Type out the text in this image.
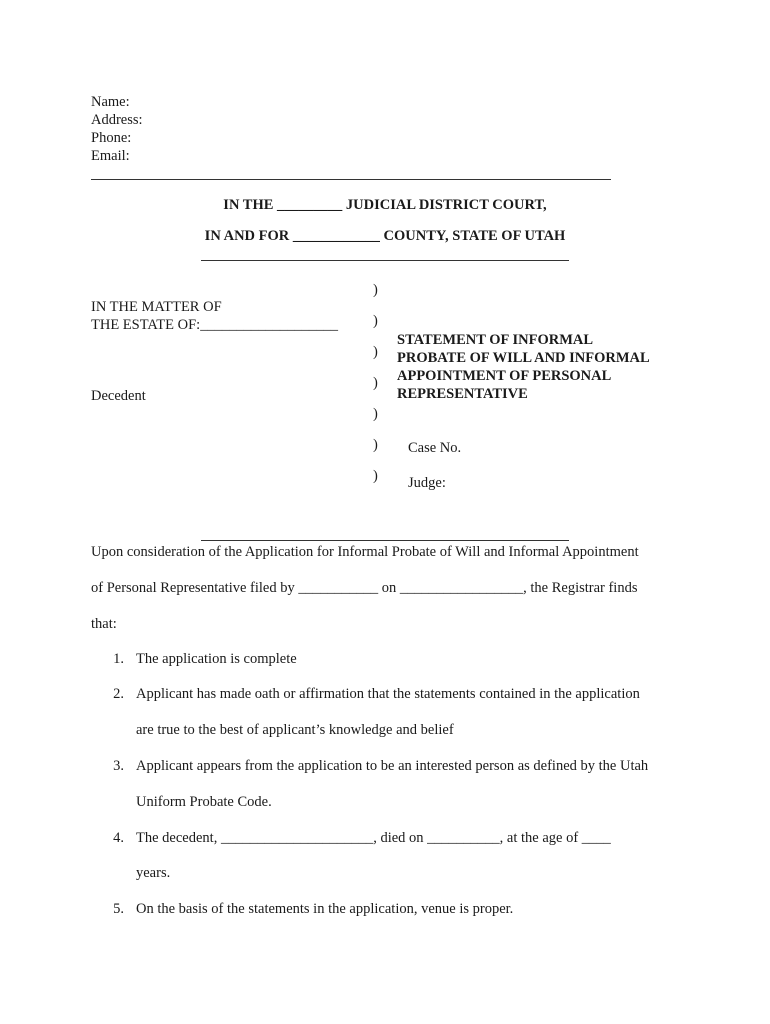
Name:
Address:
Phone:
Email:
IN THE _________ JUDICIAL DISTRICT COURT,
IN AND FOR ____________ COUNTY, STATE OF UTAH
IN THE MATTER OF
THE ESTATE OF:___________________
Decedent
)
)
)
)
)
)
)
STATEMENT OF INFORMAL
PROBATE OF WILL AND INFORMAL
APPOINTMENT OF PERSONAL
REPRESENTATIVE
Case No.
Judge:
Upon consideration of the Application for Informal Probate of Will and Informal Appointment
of Personal Representative filed by ___________ on _________________, the Registrar finds
that:
1. The application is complete
2. Applicant has made oath or affirmation that the statements contained in the application
are true to the best of applicant’s knowledge and belief
3. Applicant appears from the application to be an interested person as defined by the Utah
Uniform Probate Code.
4. The decedent, _____________________, died on __________, at the age of ____
years.
5. On the basis of the statements in the application, venue is proper.
